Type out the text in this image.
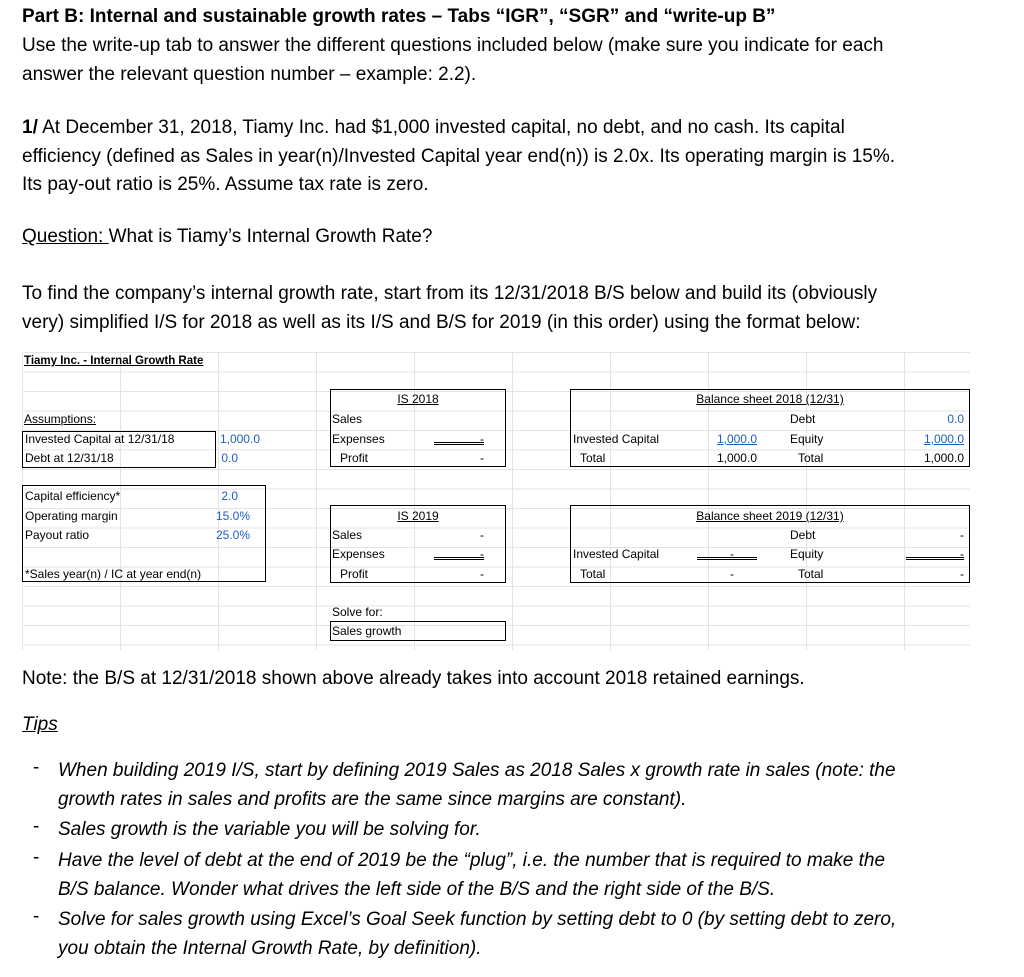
Part B: Internal and sustainable growth rates – Tabs “IGR”, “SGR” and “write-up B”
Use the write-up tab to answer the different questions included below (make sure you indicate for each
answer the relevant question number – example: 2.2).
1/ At December 31, 2018, Tiamy Inc. had $1,000 invested capital, no debt, and no cash. Its capital
efficiency (defined as Sales in year(n)/Invested Capital year end(n)) is 2.0x. Its operating margin is 15%.
Its pay-out ratio is 25%. Assume tax rate is zero.
Question: What is Tiamy’s Internal Growth Rate?
To find the company’s internal growth rate, start from its 12/31/2018 B/S below and build its (obviously
very) simplified I/S for 2018 as well as its I/S and B/S for 2019 (in this order) using the format below:
Tiamy Inc. - Internal Growth Rate
Assumptions:
Invested Capital at 12/31/18	1,000.0
Debt at 12/31/18	0.0
Capital efficiency*	2.0
Operating margin	15.0%
Payout ratio	25.0%
*Sales year(n) / IC at year end(n)
IS 2018
Sales
Expenses	-
Profit	-
Balance sheet 2018 (12/31)
Invested Capital	1,000.0
Total	1,000.0
Debt	0.0
Equity	1,000.0
Total	1,000.0
IS 2019
Sales	-
Expenses	-
Profit	-
Balance sheet 2019 (12/31)
Invested Capital	-
Total	-
Debt	-
Equity	-
Total	-
Solve for:
Sales growth
Note: the B/S at 12/31/2018 shown above already takes into account 2018 retained earnings.
Tips
- When building 2019 I/S, start by defining 2019 Sales as 2018 Sales x growth rate in sales (note: the
growth rates in sales and profits are the same since margins are constant).
- Sales growth is the variable you will be solving for.
- Have the level of debt at the end of 2019 be the “plug”, i.e. the number that is required to make the
B/S balance. Wonder what drives the left side of the B/S and the right side of the B/S.
- Solve for sales growth using Excel’s Goal Seek function by setting debt to 0 (by setting debt to zero,
you obtain the Internal Growth Rate, by definition).
